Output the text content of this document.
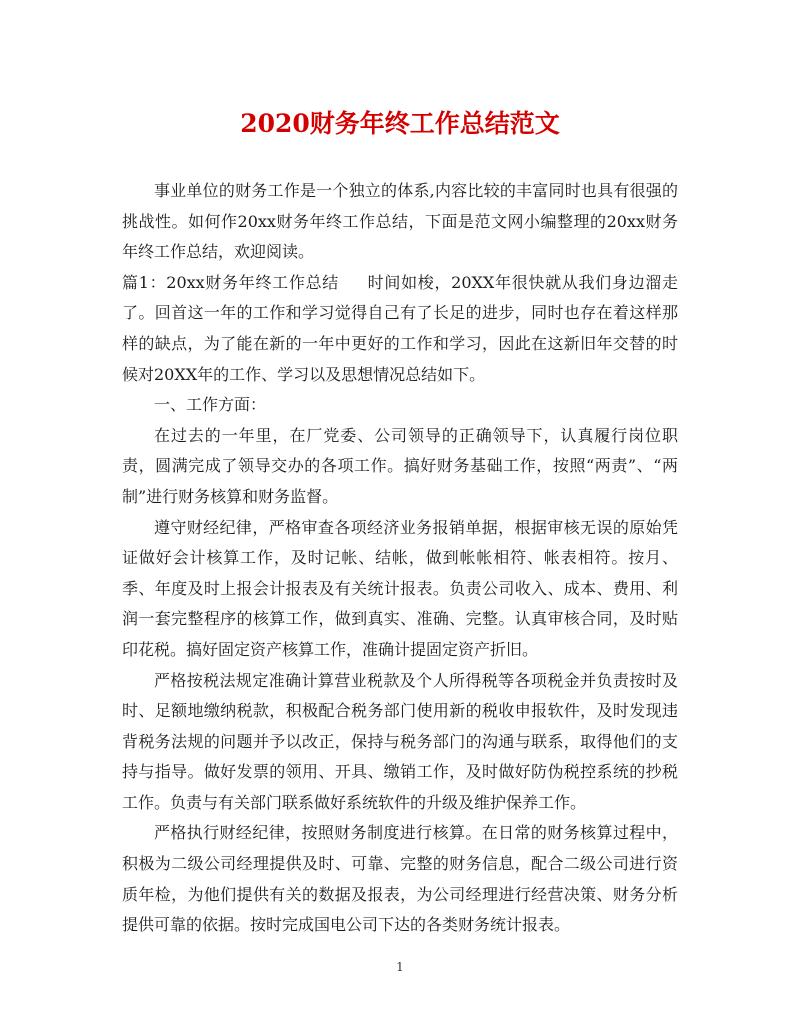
2020财务年终工作总结范文

事业单位的财务工作是一个独立的体系,内容比较的丰富同时也具有很强的挑战性。如何作20xx财务年终工作总结，下面是范文网小编整理的20xx财务年终工作总结，欢迎阅读。

篇1：20xx财务年终工作总结 时间如梭，20XX年很快就从我们身边溜走了。回首这一年的工作和学习觉得自己有了长足的进步，同时也存在着这样那样的缺点，为了能在新的一年中更好的工作和学习，因此在这新旧年交替的时候对20XX年的工作、学习以及思想情况总结如下。

一、工作方面：

在过去的一年里，在厂党委、公司领导的正确领导下，认真履行岗位职责，圆满完成了领导交办的各项工作。搞好财务基础工作，按照“两责”、“两制”进行财务核算和财务监督。

遵守财经纪律，严格审查各项经济业务报销单据，根据审核无误的原始凭证做好会计核算工作，及时记帐、结帐，做到帐帐相符、帐表相符。按月、季、年度及时上报会计报表及有关统计报表。负责公司收入、成本、费用、利润一套完整程序的核算工作，做到真实、准确、完整。认真审核合同，及时贴印花税。搞好固定资产核算工作，准确计提固定资产折旧。

严格按税法规定准确计算营业税款及个人所得税等各项税金并负责按时及时、足额地缴纳税款，积极配合税务部门使用新的税收申报软件，及时发现违背税务法规的问题并予以改正，保持与税务部门的沟通与联系，取得他们的支持与指导。做好发票的领用、开具、缴销工作，及时做好防伪税控系统的抄税工作。负责与有关部门联系做好系统软件的升级及维护保养工作。

严格执行财经纪律，按照财务制度进行核算。在日常的财务核算过程中，积极为二级公司经理提供及时、可靠、完整的财务信息，配合二级公司进行资质年检，为他们提供有关的数据及报表，为公司经理进行经营决策、财务分析提供可靠的依据。按时完成国电公司下达的各类财务统计报表。

1
